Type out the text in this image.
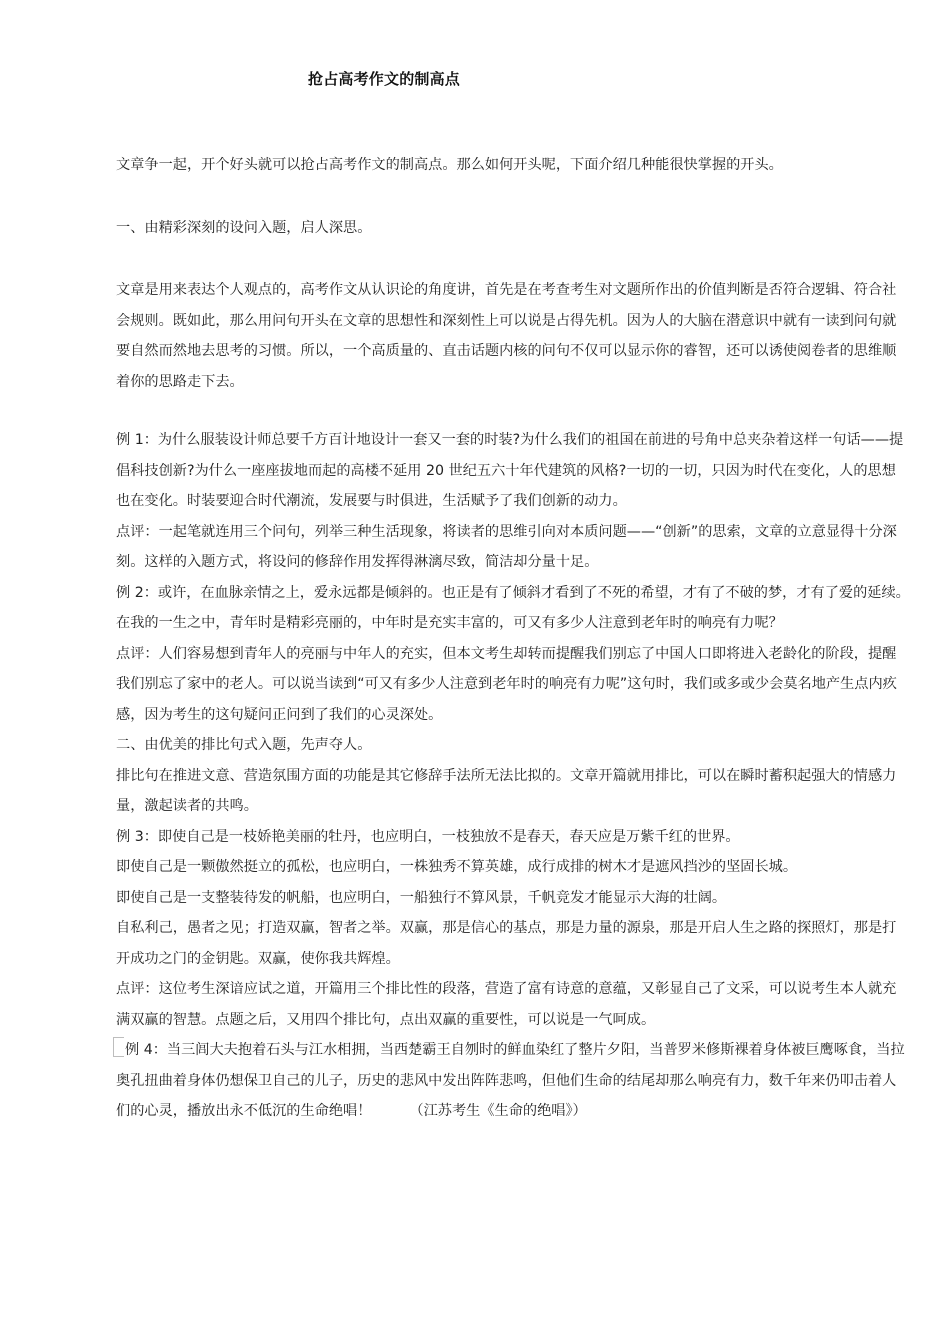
抢占高考作文的制高点

文章争一起，开个好头就可以抢占高考作文的制高点。那么如何开头呢，下面介绍几种能很快掌握的开头。

一、由精彩深刻的设问入题，启人深思。

文章是用来表达个人观点的，高考作文从认识论的角度讲，首先是在考查考生对文题所作出的价值判断是否符合逻辑、符合社会规则。既如此，那么用问句开头在文章的思想性和深刻性上可以说是占得先机。因为人的大脑在潜意识中就有一读到问句就要自然而然地去思考的习惯。所以，一个高质量的、直击话题内核的问句不仅可以显示你的睿智，还可以诱使阅卷者的思维顺着你的思路走下去。

例 1：为什么服装设计师总要千方百计地设计一套又一套的时装?为什么我们的祖国在前进的号角中总夹杂着这样一句话——提倡科技创新?为什么一座座拔地而起的高楼不延用 20 世纪五六十年代建筑的风格?一切的一切，只因为时代在变化，人的思想也在变化。时装要迎合时代潮流，发展要与时俱进，生活赋予了我们创新的动力。

点评：一起笔就连用三个问句，列举三种生活现象，将读者的思维引向对本质问题——“创新”的思索，文章的立意显得十分深刻。这样的入题方式，将设问的修辞作用发挥得淋漓尽致，简洁却分量十足。

例 2：或许，在血脉亲情之上，爱永远都是倾斜的。也正是有了倾斜才看到了不死的希望，才有了不破的梦，才有了爱的延续。在我的一生之中，青年时是精彩亮丽的，中年时是充实丰富的，可又有多少人注意到老年时的响亮有力呢？

点评：人们容易想到青年人的亮丽与中年人的充实，但本文考生却转而提醒我们别忘了中国人口即将进入老龄化的阶段，提醒我们别忘了家中的老人。可以说当读到“可又有多少人注意到老年时的响亮有力呢”这句时，我们或多或少会莫名地产生点内疚感，因为考生的这句疑问正问到了我们的心灵深处。

二、由优美的排比句式入题，先声夺人。

排比句在推进文意、营造氛围方面的功能是其它修辞手法所无法比拟的。文章开篇就用排比，可以在瞬时蓄积起强大的情感力量，激起读者的共鸣。

例 3：即使自己是一枝娇艳美丽的牡丹，也应明白，一枝独放不是春天，春天应是万紫千红的世界。

即使自己是一颗傲然挺立的孤松，也应明白，一株独秀不算英雄，成行成排的树木才是遮风挡沙的坚固长城。

即使自己是一支整装待发的帆船，也应明白，一船独行不算风景，千帆竞发才能显示大海的壮阔。

自私利己，愚者之见；打造双赢，智者之举。双赢，那是信心的基点，那是力量的源泉，那是开启人生之路的探照灯，那是打开成功之门的金钥匙。双赢，使你我共辉煌。

点评：这位考生深谙应试之道，开篇用三个排比性的段落，营造了富有诗意的意蕴，又彰显自己了文采，可以说考生本人就充满双赢的智慧。点题之后，又用四个排比句，点出双赢的重要性，可以说是一气呵成。

例 4：当三闾大夫抱着石头与江水相拥，当西楚霸王自刎时的鲜血染红了整片夕阳，当普罗米修斯裸着身体被巨鹰啄食，当拉奥孔扭曲着身体仍想保卫自己的儿子，历史的悲风中发出阵阵悲鸣，但他们生命的结尾却那么响亮有力，数千年来仍叩击着人们的心灵，播放出永不低沉的生命绝唱！	（江苏考生《生命的绝唱》）
